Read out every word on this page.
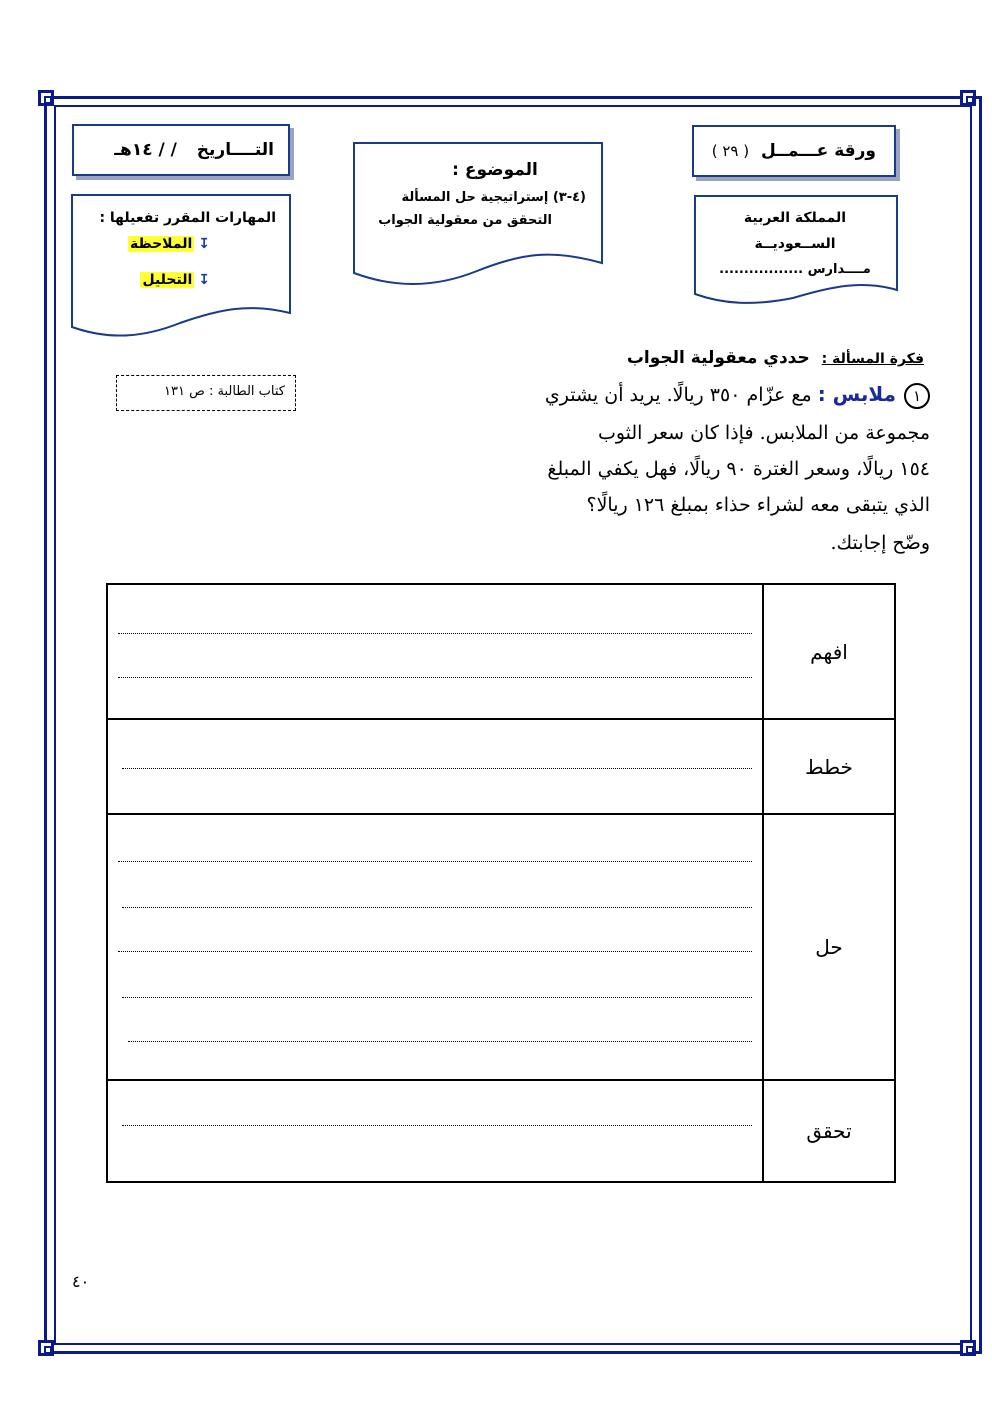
ورقة عـــمــل ( ٢٩ )
التــــاريخ / / ١٤هـ
الموضوع :
(٤-٣) إستراتيجية حل المسألة
التحقق من معقولية الجواب	المملكة العربية
الســعوديــة
مــــدارس .................
المهارات المقرر تفعيلها :
↧الملاحظة
↧التحليل
فكرة المسألة : حددي معقولية الجواب
كتاب الطالبة : ص ١٣١	١ملابس : مع عزّام ٣٥٠ ريالًا. يريد أن يشتري
مجموعة من الملابس. فإذا كان سعر الثوب
١٥٤ ريالًا، وسعر الغترة ٩٠ ريالًا، فهل يكفي المبلغ
الذي يتبقى معه لشراء حذاء بمبلغ ١٢٦ ريالًا؟
وضّح إجابتك.
	افهم

	خطط

	حل

	تحقق
٤٠
